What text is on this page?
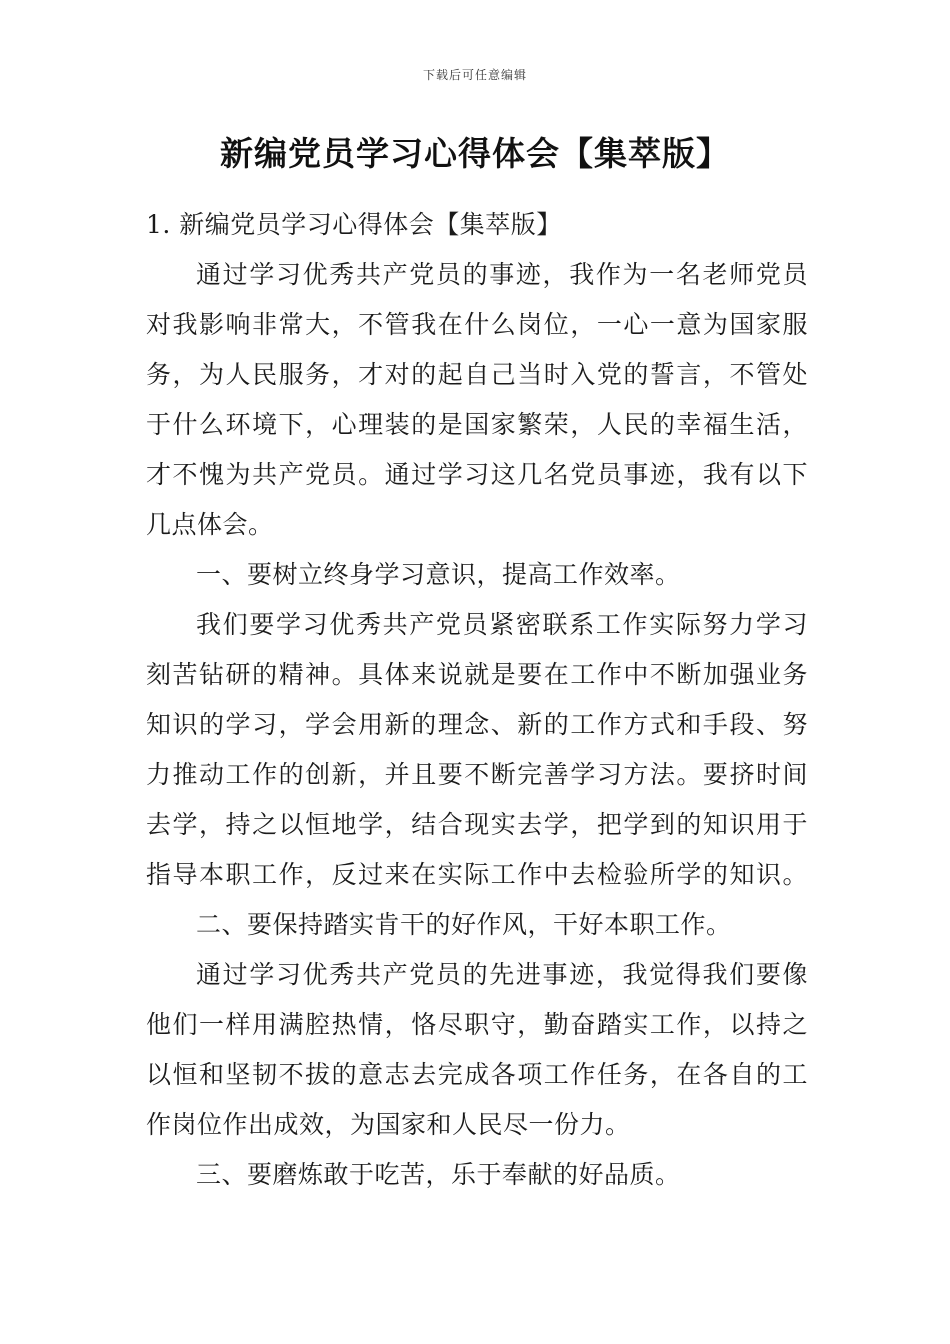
下载后可任意编辑
新编党员学习心得体会【集萃版】
1. 新编党员学习心得体会【集萃版】
通过学习优秀共产党员的事迹，我作为一名老师党员
对我影响非常大，不管我在什么岗位，一心一意为国家服
务，为人民服务，才对的起自己当时入党的誓言，不管处
于什么环境下，心理装的是国家繁荣，人民的幸福生活，
才不愧为共产党员。通过学习这几名党员事迹，我有以下
几点体会。
一、要树立终身学习意识，提高工作效率。
我们要学习优秀共产党员紧密联系工作实际努力学习
刻苦钻研的精神。具体来说就是要在工作中不断加强业务
知识的学习，学会用新的理念、新的工作方式和手段、努
力推动工作的创新，并且要不断完善学习方法。要挤时间
去学，持之以恒地学，结合现实去学，把学到的知识用于
指导本职工作，反过来在实际工作中去检验所学的知识。
二、要保持踏实肯干的好作风，干好本职工作。
通过学习优秀共产党员的先进事迹，我觉得我们要像
他们一样用满腔热情，恪尽职守，勤奋踏实工作，以持之
以恒和坚韧不拔的意志去完成各项工作任务，在各自的工
作岗位作出成效，为国家和人民尽一份力。
三、要磨炼敢于吃苦，乐于奉献的好品质。
